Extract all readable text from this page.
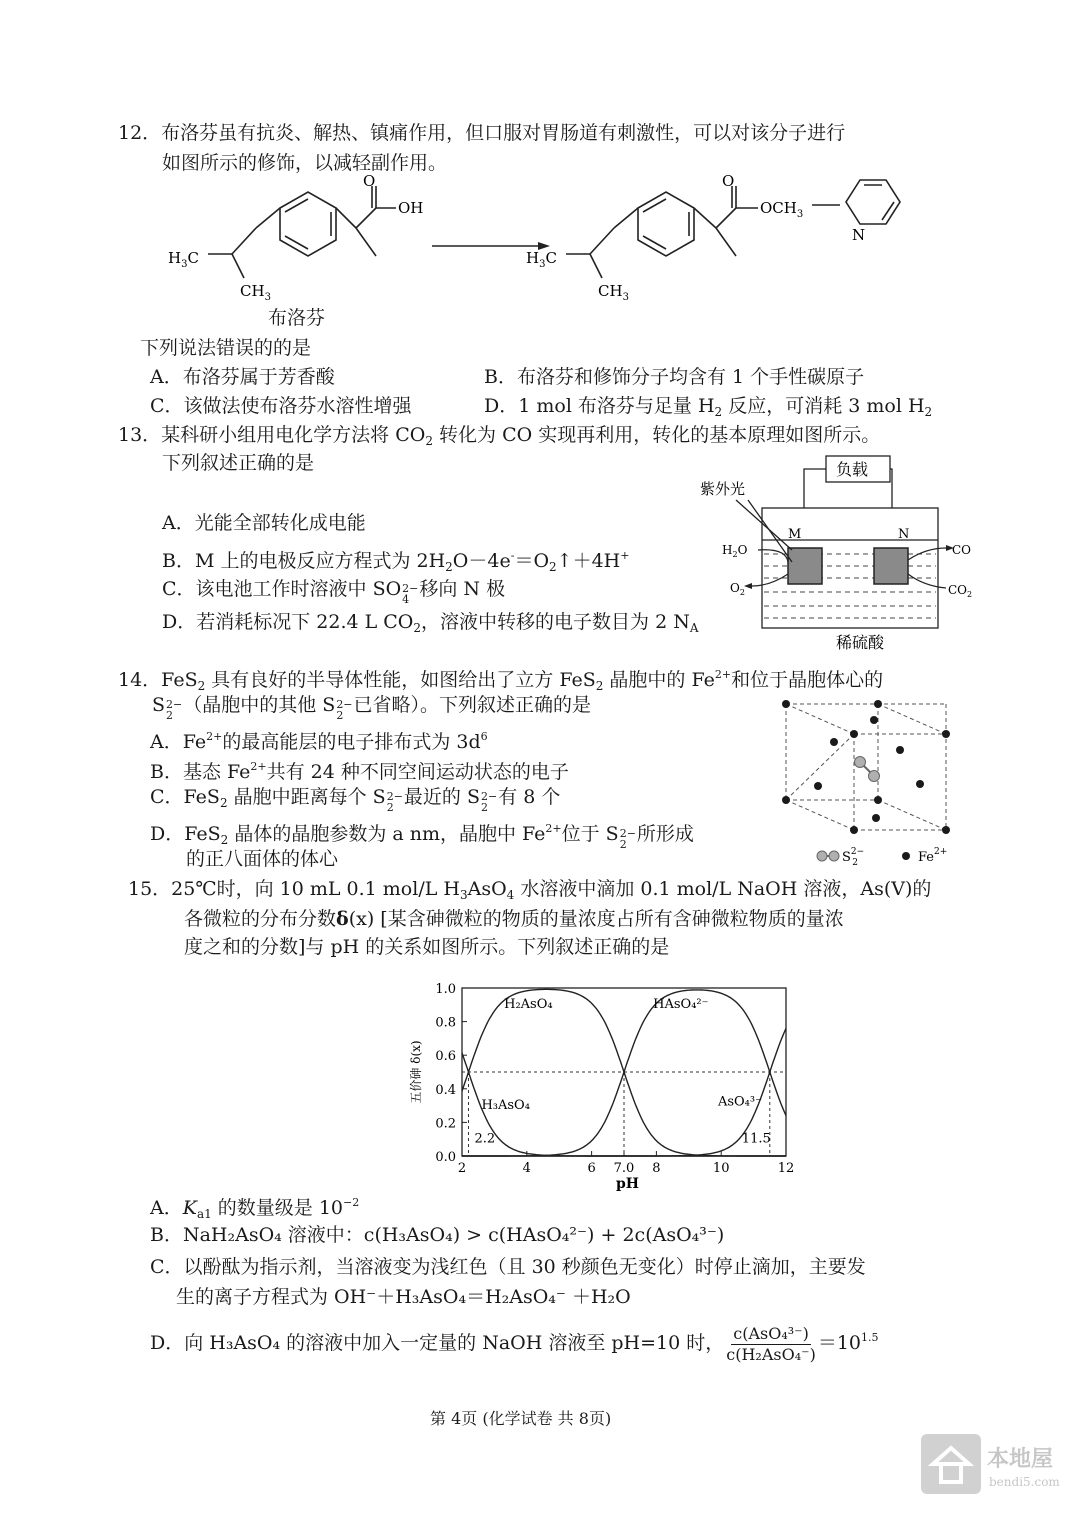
12．布洛芬虽有抗炎、解热、镇痛作用，但口服对胃肠道有刺激性，可以对该分子进行
如图所示的修饰，以减轻副作用。
O
OH
$H_3C$
$CH_3$
O
$OCH_3$
N
$H_3C$
$CH_3$
布洛芬
下列说法错误的的是
A．布洛芬属于芳香酸	B．布洛芬和修饰分子均含有 1 个手性碳原子
C．该做法使布洛芬水溶性增强	D．1 mol 布洛芬与足量 $H_2$ 反应，可消耗 3 mol $H_2$
13．某科研小组用电化学方法将 $CO_2$ 转化为 CO 实现再利用，转化的基本原理如图所示。
下列叙述正确的是
A．光能全部转化成电能
B．M 上的电极反应方程式为 $2H_2O-4e^-=O_2↑+4H^+$
C．该电池工作时溶液中 SO2−
4 移向 N 极
D．若消耗标况下 22.4 L $CO_2$，溶液中转移的电子数目为 2 $N_A$
负载
M	N
紫外光
$H_2O$
$O_2$
CO
$CO_2$
稀硫酸
14．FeS$_2$ 具有良好的半导体性能，如图给出了立方 FeS$_2$ 晶胞中的 $Fe^{2+}$和位于晶胞体心的
S2−
2 （晶胞中的其他 S2−
2 已省略）。下列叙述正确的是
A．$Fe^{2+}$的最高能层的电子排布式为 $3d^6$
B．基态 $Fe^{2+}$共有 24 种不同空间运动状态的电子
C．FeS$_2$ 晶胞中距离每个 S2−
2 最近的 S2−
2 有 8 个
D．FeS$_2$ 晶体的晶胞参数为 a nm，晶胞中 $Fe^{2+}$位于 S2−
2 所形成
的正八面体的体心	$S^{2-}$ 2	$Fe^{2+}$
15．25℃时，向 10 mL 0.1 mol/L $H_3AsO_4$ 水溶液中滴加 0.1 mol/L NaOH 溶液，As(Ⅴ)的
各微粒的分布分数δ(x) [某含砷微粒的物质的量浓度占所有含砷微粒物质的量浓
度之和的分数]与 pH 的关系如图所示。下列叙述正确的是
0.0
0.2
0.4
0.6
0.8
1.0
2	4	6 7.0 8	10	12
pH
五价砷 δ(x)
H₃AsO₄
H₂AsO₄	HAsO₄²⁻
AsO₄³⁻
2.2	11.5
A．$K_{a1}$ 的数量级是 $10^{-2}$
B．NaH₂AsO₄ 溶液中：c(H₃AsO₄) > c(HAsO₄²⁻) + 2c(AsO₄³⁻)
C．以酚酞为指示剂，当溶液变为浅红色（且 30 秒颜色无变化）时停止滴加，主要发
生的离子方程式为 OH⁻＋H₃AsO₄＝H₂AsO₄⁻ ＋H₂O
D．向 H₃AsO₄ 的溶液中加入一定量的 NaOH 溶液至 pH=10 时， $\frac{\text{c(AsO₄³⁻)}}{\text{c(H₂AsO₄⁻)}} =10^{1.5}$
第 4页 (化学试卷 共 8页)
本地屋
bendi5.com
